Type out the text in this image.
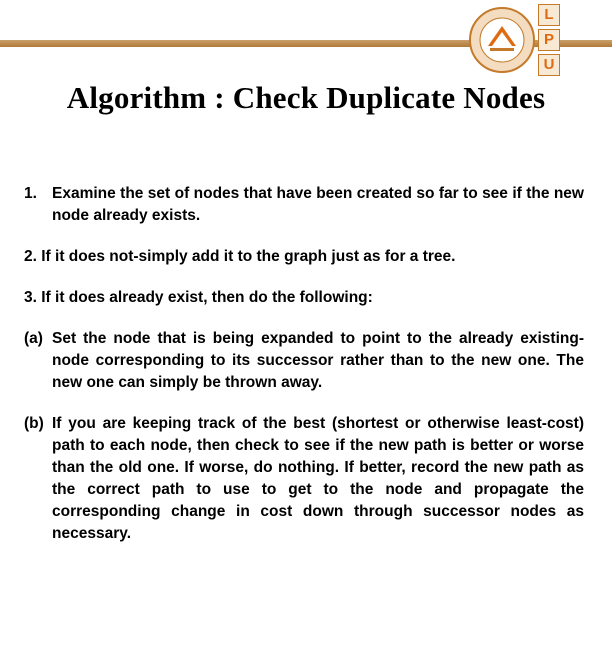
L
P
U
Algorithm : Check Duplicate Nodes
1. Examine the set of nodes that have been created so far to see if the new node already exists.
2. If it does not-simply add it to the graph just as for a tree.
3. If it does already exist, then do the following:
(a) Set the node that is being expanded to point to the already existing-node corresponding to its successor rather than to the new one. The new one can simply be thrown away.
(b) If you are keeping track of the best (shortest or otherwise least-cost) path to each node, then check to see if the new path is better or worse than the old one. If worse, do nothing. If better, record the new path as the correct path to use to get to the node and propagate the corresponding change in cost down through successor nodes as necessary.
